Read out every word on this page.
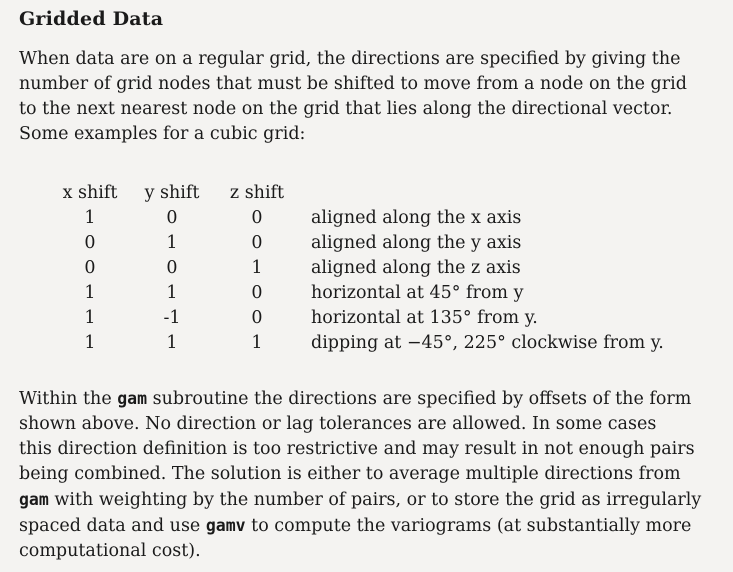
Gridded Data
When data are on a regular grid, the directions are specified by giving the
number of grid nodes that must be shifted to move from a node on the grid
to the next nearest node on the grid that lies along the directional vector.
Some examples for a cubic grid:
x shift	y shift	z shift
1	0	0	aligned along the x axis
0	1	0	aligned along the y axis
0	0	1	aligned along the z axis
1	1	0	horizontal at 45° from y
1	-1	0	horizontal at 135° from y.
1	1	1	dipping at −45°, 225° clockwise from y.
Within the gam subroutine the directions are specified by offsets of the form
shown above. No direction or lag tolerances are allowed. In some cases
this direction definition is too restrictive and may result in not enough pairs
being combined. The solution is either to average multiple directions from
gam with weighting by the number of pairs, or to store the grid as irregularly
spaced data and use gamv to compute the variograms (at substantially more
computational cost).
